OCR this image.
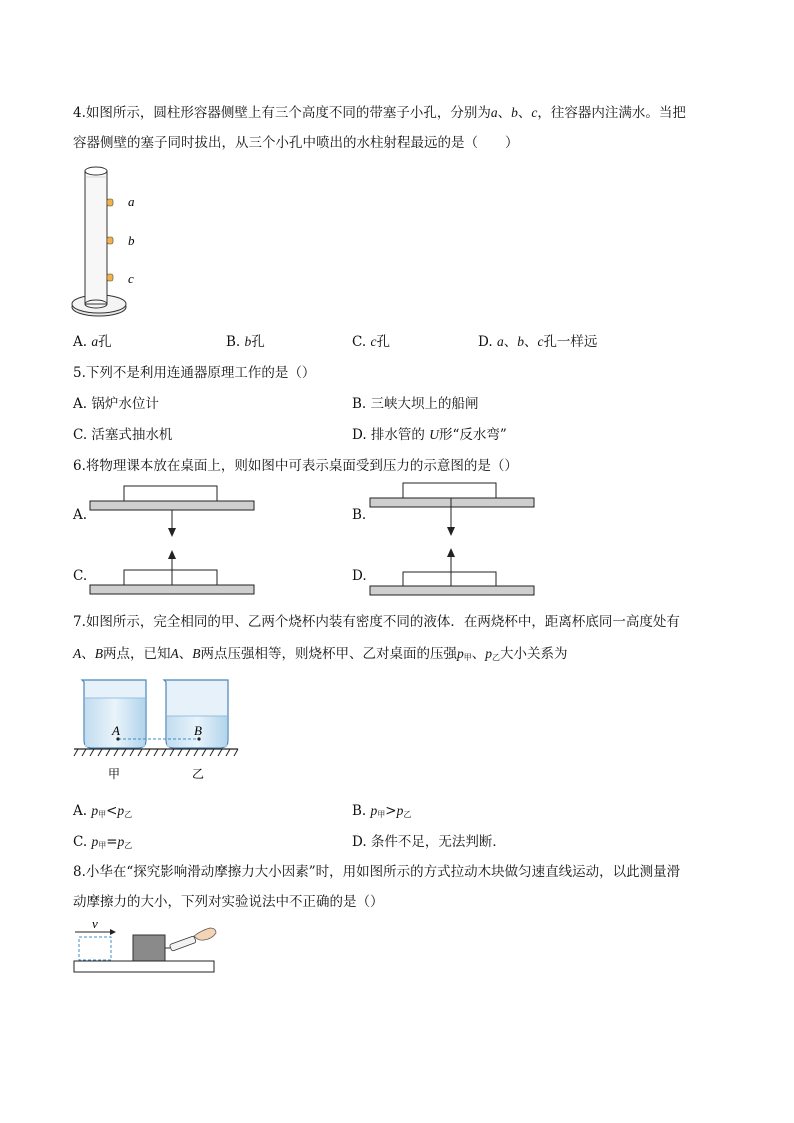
4.如图所示，圆柱形容器侧壁上有三个高度不同的带塞子小孔，分别为a、b、c，往容器内注满水。当把
容器侧壁的塞子同时拔出，从三个小孔中喷出的水柱射程最远的是（　　）
a
b
c
A. a孔	B. b孔	C. c孔	D. a、b、c孔一样远
5.下列不是利用连通器原理工作的是（）
A. 锅炉水位计	B. 三峡大坝上的船闸
C. 活塞式抽水机	D. 排水管的 U形“反水弯”
6.将物理课本放在桌面上，则如图中可表示桌面受到压力的示意图的是（）
A.	B.
C.	D.
7.如图所示，完全相同的甲、乙两个烧杯内装有密度不同的液体．在两烧杯中，距离杯底同一高度处有
A、B两点，已知A、B两点压强相等，则烧杯甲、乙对桌面的压强$p_甲$、$p_乙$大小关系为
A	B
甲	乙
A. $p_甲<p_乙$	B. $p_甲>p_乙$
C. $p_甲=p_乙$	D. 条件不足，无法判断．
8.小华在“探究影响滑动摩擦力大小因素”时，用如图所示的方式拉动木块做匀速直线运动，以此测量滑
动摩擦力的大小，下列对实验说法中不正确的是（）
v
